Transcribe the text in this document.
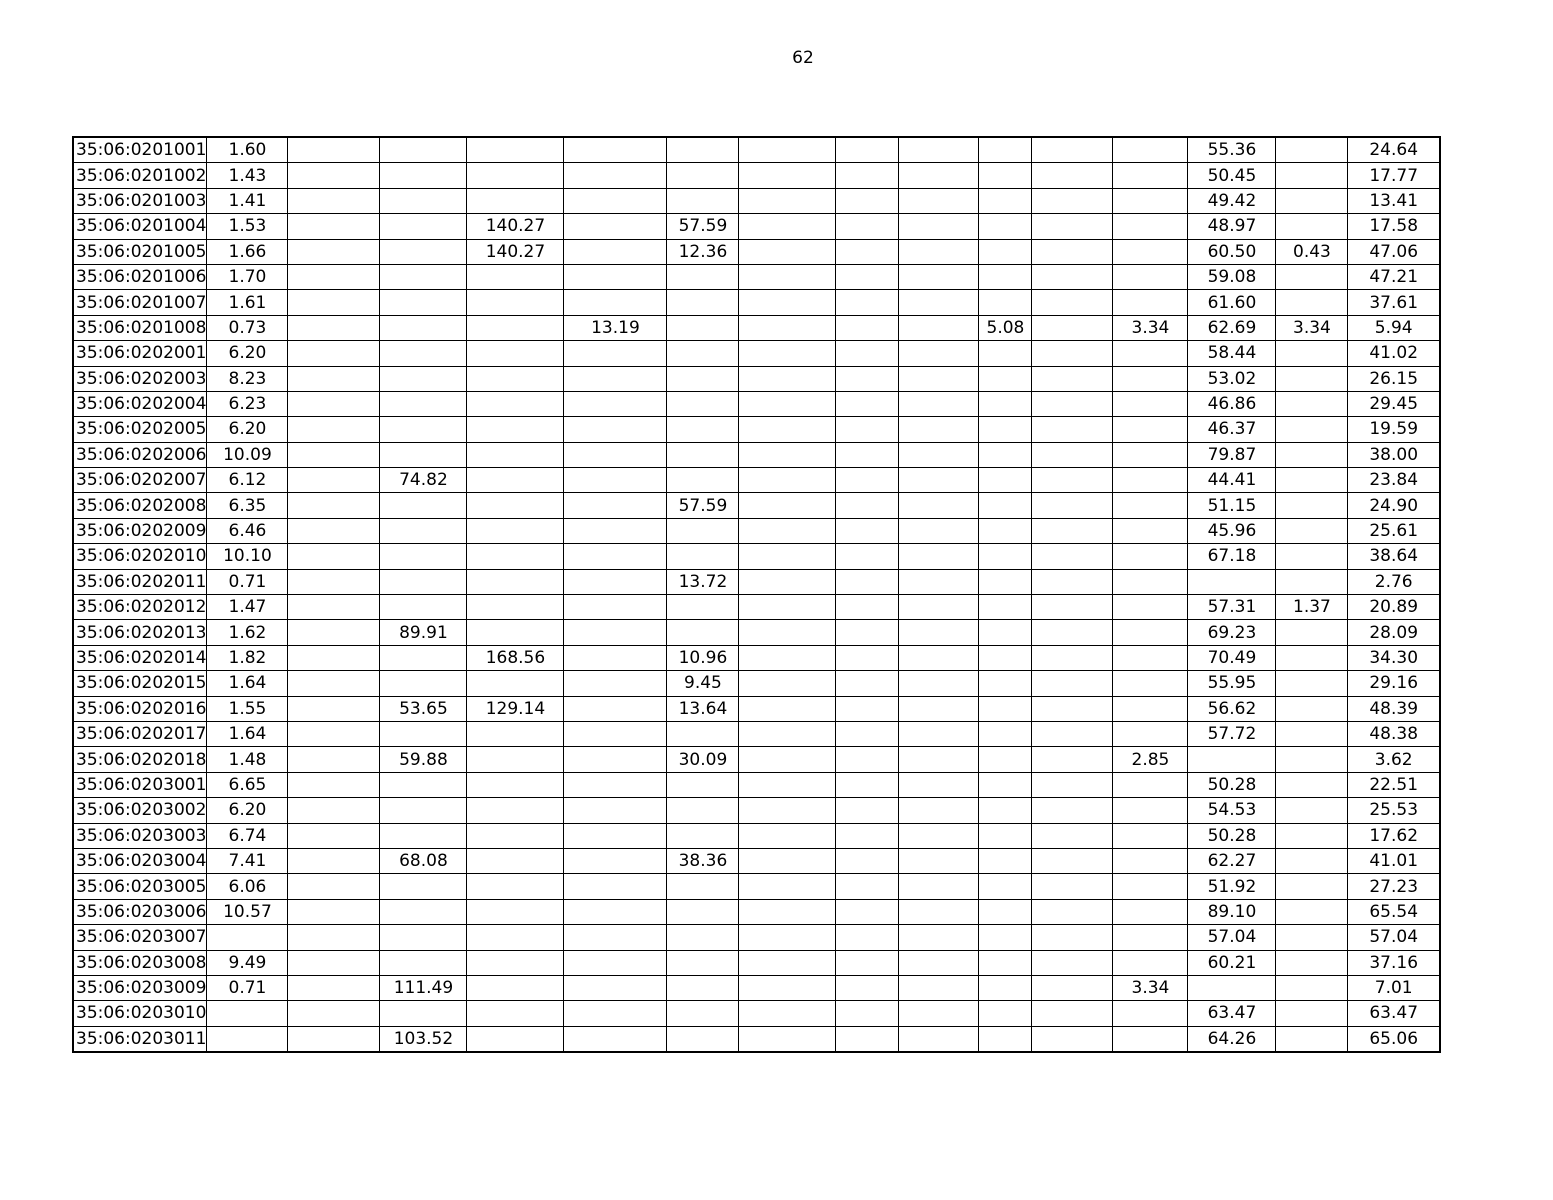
62
35:06:0201001	1.60												55.36		24.64
35:06:0201002	1.43												50.45		17.77
35:06:0201003	1.41												49.42		13.41
35:06:0201004	1.53			140.27		57.59							48.97		17.58
35:06:0201005	1.66			140.27		12.36							60.50	0.43	47.06
35:06:0201006	1.70												59.08		47.21
35:06:0201007	1.61												61.60		37.61
35:06:0201008	0.73				13.19					5.08		3.34	62.69	3.34	5.94
35:06:0202001	6.20												58.44		41.02
35:06:0202003	8.23												53.02		26.15
35:06:0202004	6.23												46.86		29.45
35:06:0202005	6.20												46.37		19.59
35:06:0202006	10.09												79.87		38.00
35:06:0202007	6.12		74.82										44.41		23.84
35:06:0202008	6.35					57.59							51.15		24.90
35:06:0202009	6.46												45.96		25.61
35:06:0202010	10.10												67.18		38.64
35:06:0202011	0.71					13.72									2.76
35:06:0202012	1.47												57.31	1.37	20.89
35:06:0202013	1.62		89.91										69.23		28.09
35:06:0202014	1.82			168.56		10.96							70.49		34.30
35:06:0202015	1.64					9.45							55.95		29.16
35:06:0202016	1.55		53.65	129.14		13.64							56.62		48.39
35:06:0202017	1.64												57.72		48.38
35:06:0202018	1.48		59.88			30.09						2.85			3.62
35:06:0203001	6.65												50.28		22.51
35:06:0203002	6.20												54.53		25.53
35:06:0203003	6.74												50.28		17.62
35:06:0203004	7.41		68.08			38.36							62.27		41.01
35:06:0203005	6.06												51.92		27.23
35:06:0203006	10.57												89.10		65.54
35:06:0203007													57.04		57.04
35:06:0203008	9.49												60.21		37.16
35:06:0203009	0.71		111.49									3.34			7.01
35:06:0203010													63.47		63.47
35:06:0203011			103.52										64.26		65.06
